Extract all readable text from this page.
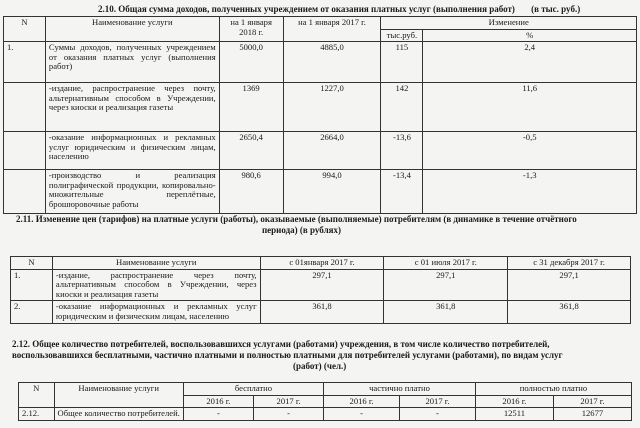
2.10. Общая сумма доходов, полученных учреждением от оказания платных услуг (выполнения работ) (в тыс. руб.)
N	Наименование услуги	на 1 января 2018 г.	на 1 января 2017 г.	Изменение	
				тыс.руб.	%
1.	Суммы доходов, полученных учреждением от оказания платных услуг (выполнения работ)	5000,0	4885,0	115	2,4
	-издание, распространение через почту, альтернативным способом в Учреждении, через киоски и реализация газеты	1369	1227,0	142	11,6
	-оказание информационных и рекламных услуг юридическим и физическим лицам, населению	2650,4	2664,0	-13,6	-0,5
	-производство и реализация полиграфической продукции, копировально-множительные переплётные, брошюровочные работы	980,6	994,0	-13,4	-1,3
2.11. Изменение цен (тарифов) на платные услуги (работы), оказываемые (выполняемые) потребителям (в динамике в течение отчётного
периода) (в рублях)
N	Наименование услуги	с 01января 2017 г.	с 01 июля 2017 г.	с 31 декабря 2017 г.
1.	-издание, распространение через почту, альтернативным способом в Учреждении, через киоски и реализация газеты	297,1	297,1	297,1
2.	-оказание информационных и рекламных услуг юридическим и физическим лицам, населению	361,8	361,8	361,8
2.12. Общее количество потребителей, воспользовавшихся услугами (работами) учреждения, в том числе количество потребителей,
воспользовавшихся бесплатными, частично платными и полностью платными для потребителей услугами (работами), по видам услуг
(работ) (чел.)
N	Наименование услуги	бесплатно		частично платно		полностью платно	
		2016 г.	2017 г.	2016 г.	2017 г.	2016 г.	2017 г.
2.12.	Общее количество потребителей.	-	-	-	-	12511	12677
